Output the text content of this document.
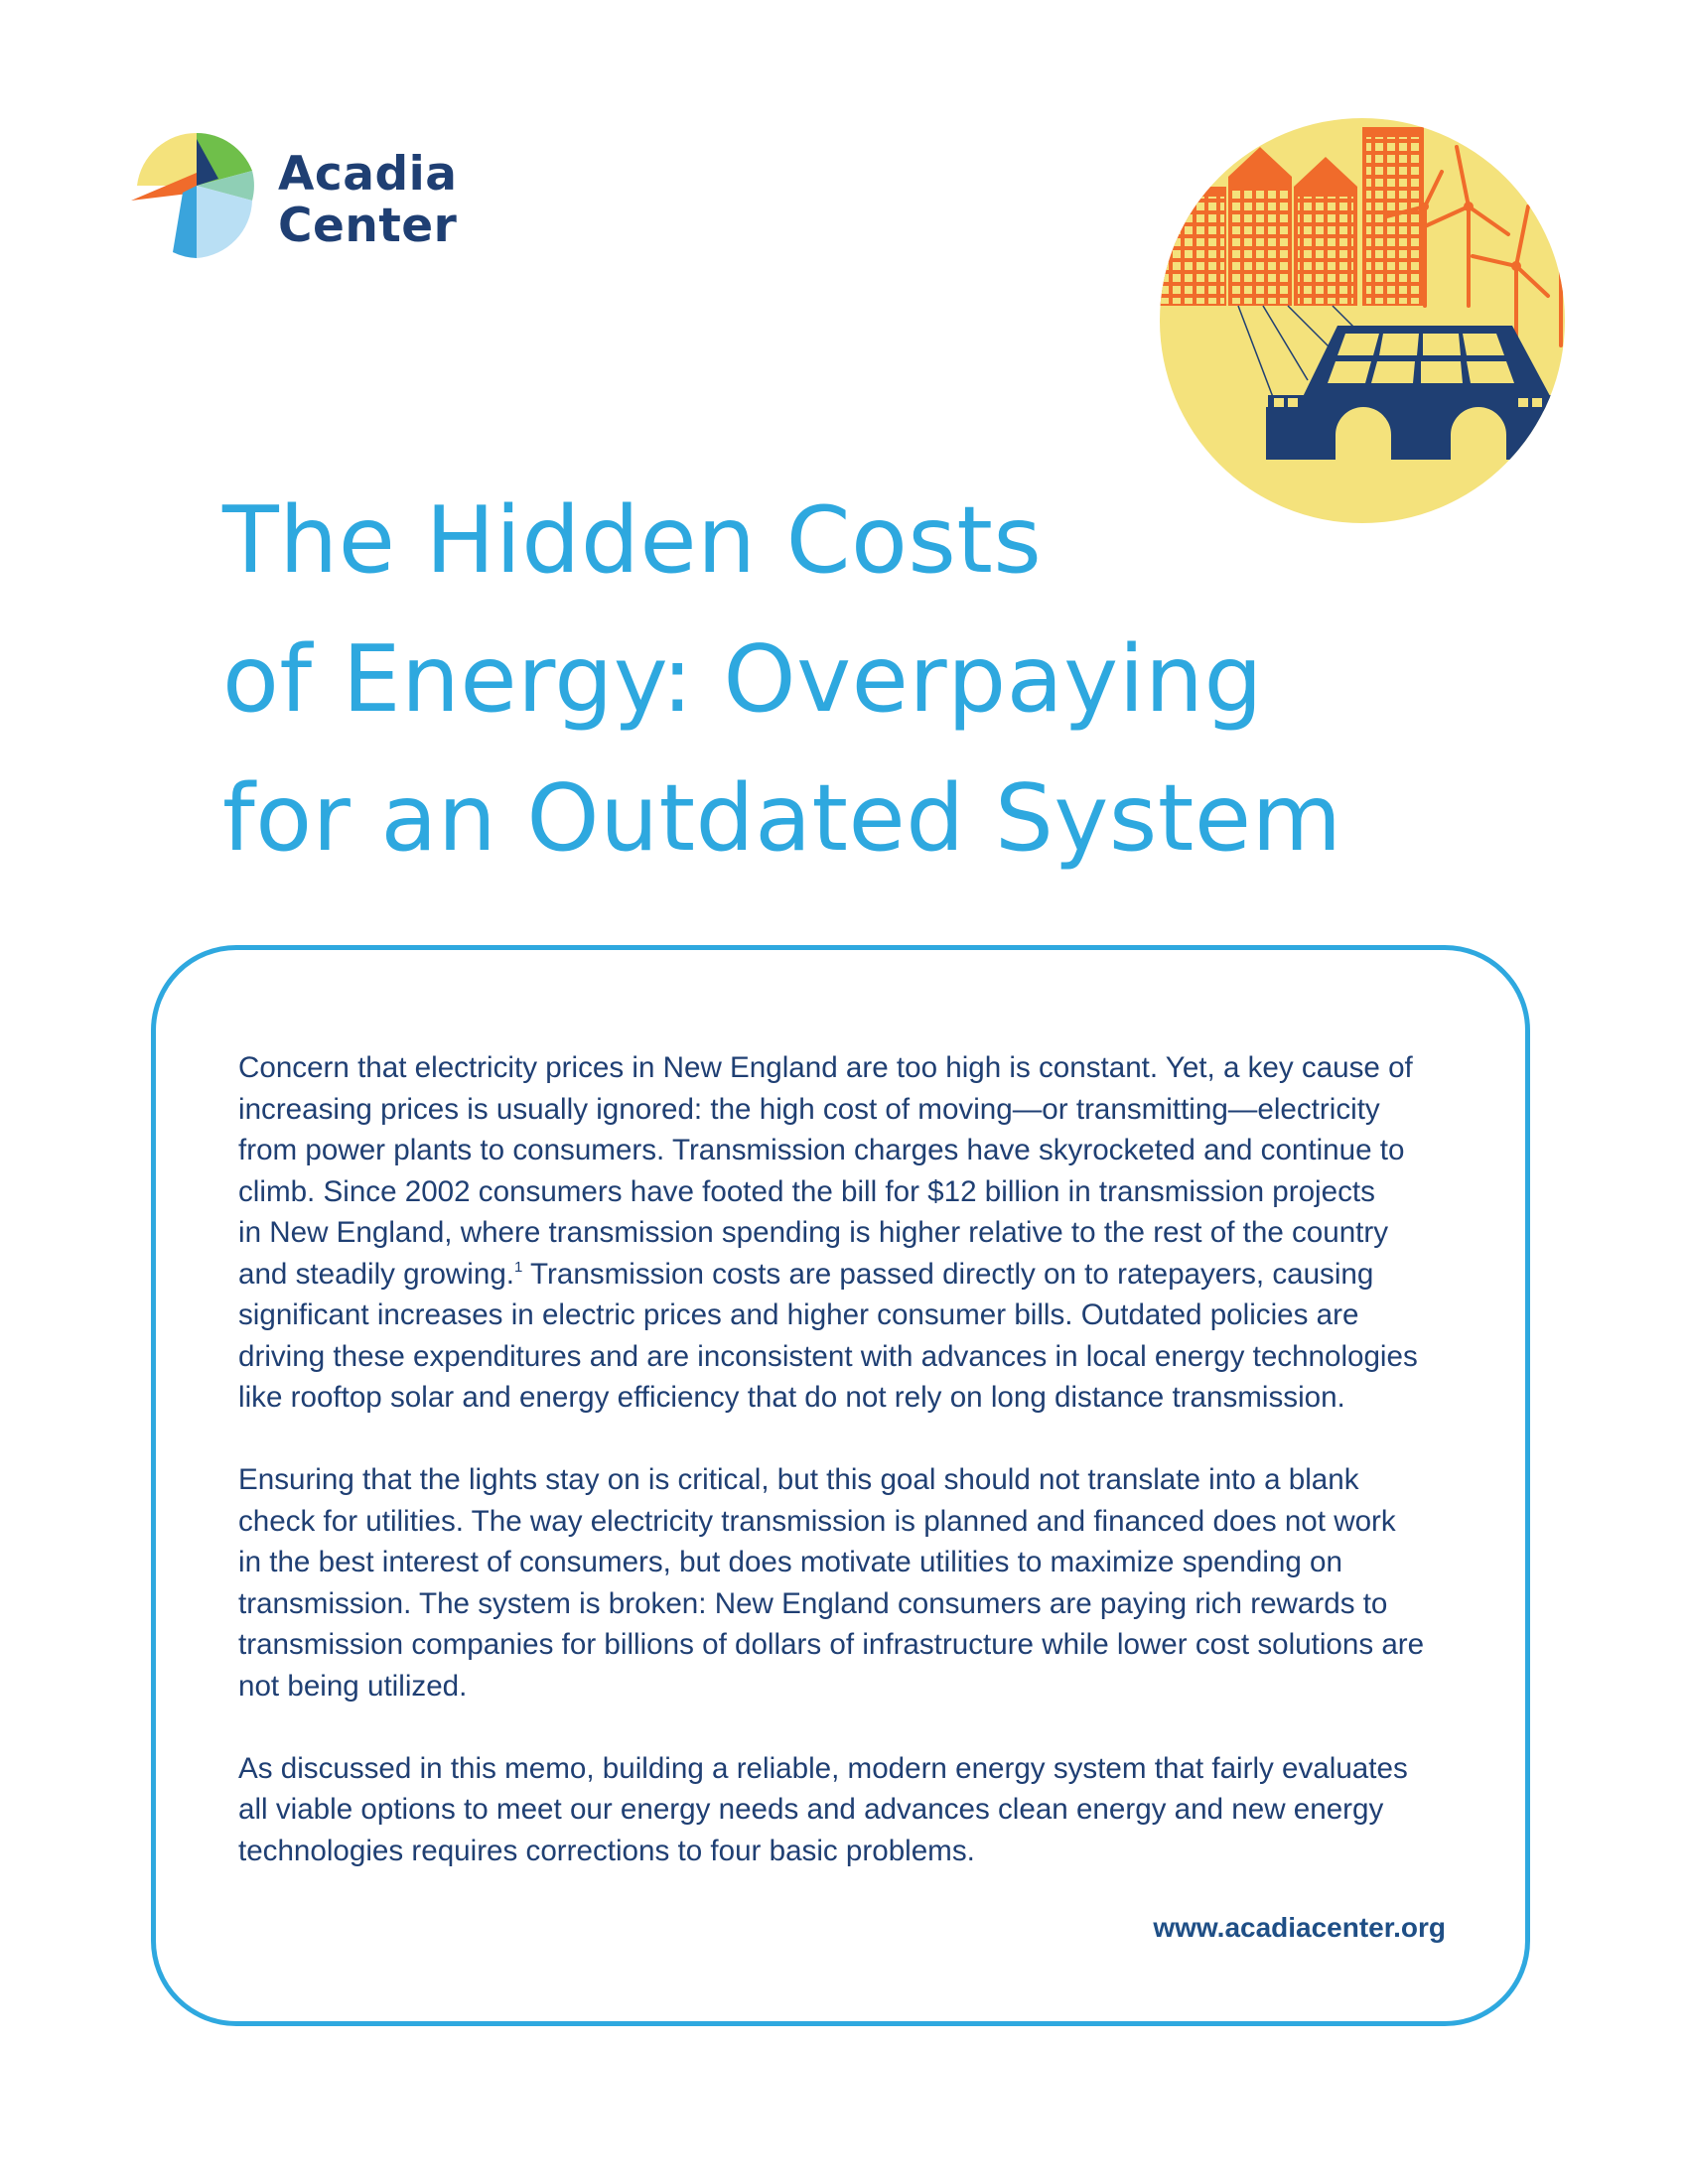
Acadia
Center
The Hidden Costs
of Energy: Overpaying
for an Outdated System

Concern that electricity prices in New England are too high is constant. Yet, a key cause of
increasing prices is usually ignored: the high cost of moving—or transmitting—electricity
from power plants to consumers. Transmission charges have skyrocketed and continue to
climb. Since 2002 consumers have footed the bill for $12 billion in transmission projects
in New England, where transmission spending is higher relative to the rest of the country
and steadily growing.$^1$ Transmission costs are passed directly on to ratepayers, causing
significant increases in electric prices and higher consumer bills. Outdated policies are
driving these expenditures and are inconsistent with advances in local energy technologies
like rooftop solar and energy efficiency that do not rely on long distance transmission.

Ensuring that the lights stay on is critical, but this goal should not translate into a blank
check for utilities. The way electricity transmission is planned and financed does not work
in the best interest of consumers, but does motivate utilities to maximize spending on
transmission. The system is broken: New England consumers are paying rich rewards to
transmission companies for billions of dollars of infrastructure while lower cost solutions are
not being utilized.

As discussed in this memo, building a reliable, modern energy system that fairly evaluates
all viable options to meet our energy needs and advances clean energy and new energy
technologies requires corrections to four basic problems.

www.acadiacenter.org
